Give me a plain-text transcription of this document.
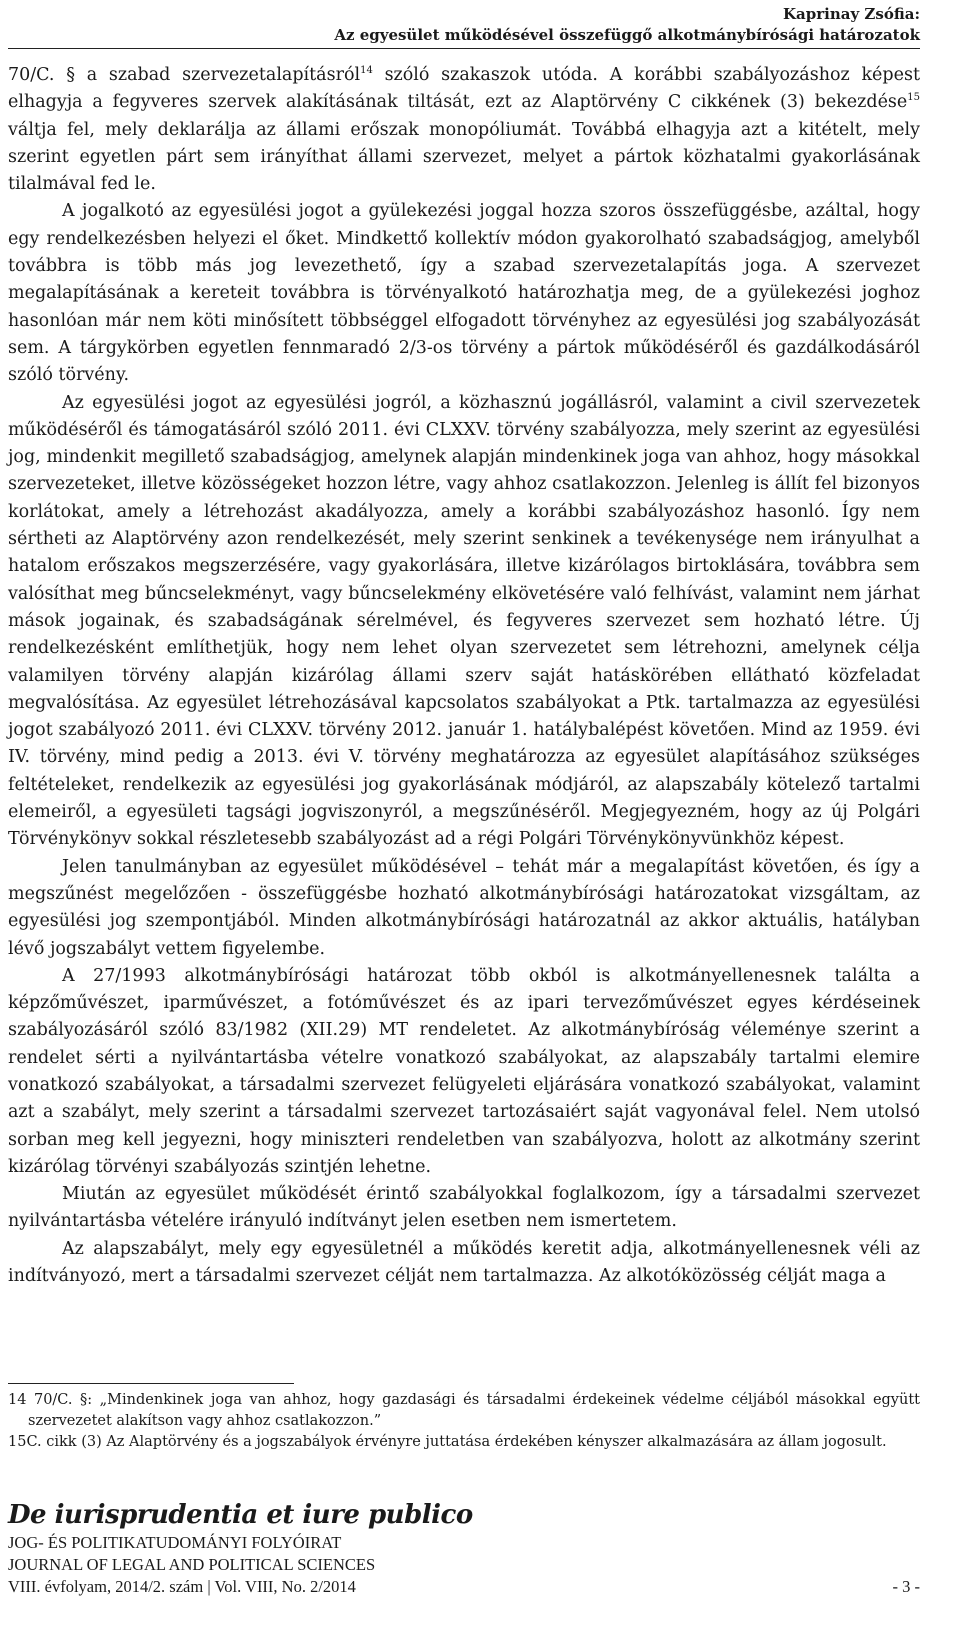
Kaprinay Zsófia:
Az egyesület működésével összefüggő alkotmánybírósági határozatok

70/C. § a szabad szervezetalapításról$^{14}$ szóló szakaszok utóda. A korábbi szabályozáshoz képest elhagyja a fegyveres szervek alakításának tiltását, ezt az Alaptörvény C cikkének (3) bekezdése$^{15}$ váltja fel, mely deklarálja az állami erőszak monopóliumát. Továbbá elhagyja azt a kitételt, mely szerint egyetlen párt sem irányíthat állami szervezet, melyet a pártok közhatalmi gyakorlásának tilalmával fed le.

A jogalkotó az egyesülési jogot a gyülekezési joggal hozza szoros összefüggésbe, azáltal, hogy egy rendelkezésben helyezi el őket. Mindkettő kollektív módon gyakorolható szabadságjog, amelyből továbbra is több más jog levezethető, így a szabad szervezetalapítás joga. A szervezet megalapításának a kereteit továbbra is törvényalkotó határozhatja meg, de a gyülekezési joghoz hasonlóan már nem köti minősített többséggel elfogadott törvényhez az egyesülési jog szabályozását sem. A tárgykörben egyetlen fennmaradó 2/3-os törvény a pártok működéséről és gazdálkodásáról szóló törvény.

Az egyesülési jogot az egyesülési jogról, a közhasznú jogállásról, valamint a civil szervezetek működéséről és támogatásáról szóló 2011. évi CLXXV. törvény szabályozza, mely szerint az egyesülési jog, mindenkit megillető szabadságjog, amelynek alapján mindenkinek joga van ahhoz, hogy másokkal szervezeteket, illetve közösségeket hozzon létre, vagy ahhoz csatlakozzon. Jelenleg is állít fel bizonyos korlátokat, amely a létrehozást akadályozza, amely a korábbi szabályozáshoz hasonló. Így nem sértheti az Alaptörvény azon rendelkezését, mely szerint senkinek a tevékenysége nem irányulhat a hatalom erőszakos megszerzésére, vagy gyakorlására, illetve kizárólagos birtoklására, továbbra sem valósíthat meg bűncselekményt, vagy bűncselekmény elkövetésére való felhívást, valamint nem járhat mások jogainak, és szabadságának sérelmével, és fegyveres szervezet sem hozható létre. Új rendelkezésként említhetjük, hogy nem lehet olyan szervezetet sem létrehozni, amelynek célja valamilyen törvény alapján kizárólag állami szerv saját hatáskörében ellátható közfeladat megvalósítása. Az egyesület létrehozásával kapcsolatos szabályokat a Ptk. tartalmazza az egyesülési jogot szabályozó 2011. évi CLXXV. törvény 2012. január 1. hatálybalépést követően. Mind az 1959. évi IV. törvény, mind pedig a 2013. évi V. törvény meghatározza az egyesület alapításához szükséges feltételeket, rendelkezik az egyesülési jog gyakorlásának módjáról, az alapszabály kötelező tartalmi elemeiről, a egyesületi tagsági jogviszonyról, a megszűnéséről. Megjegyezném, hogy az új Polgári Törvénykönyv sokkal részletesebb szabályozást ad a régi Polgári Törvénykönyvünkhöz képest.

Jelen tanulmányban az egyesület működésével – tehát már a megalapítást követően, és így a megszűnést megelőzően - összefüggésbe hozható alkotmánybírósági határozatokat vizsgáltam, az egyesülési jog szempontjából. Minden alkotmánybírósági határozatnál az akkor aktuális, hatályban lévő jogszabályt vettem figyelembe.

A 27/1993 alkotmánybírósági határozat több okból is alkotmányellenesnek találta a képzőművészet, iparművészet, a fotóművészet és az ipari tervezőművészet egyes kérdéseinek szabályozásáról szóló 83/1982 (XII.29) MT rendeletet. Az alkotmánybíróság véleménye szerint a rendelet sérti a nyilvántartásba vételre vonatkozó szabályokat, az alapszabály tartalmi elemire vonatkozó szabályokat, a társadalmi szervezet felügyeleti eljárására vonatkozó szabályokat, valamint azt a szabályt, mely szerint a társadalmi szervezet tartozásaiért saját vagyonával felel. Nem utolsó sorban meg kell jegyezni, hogy miniszteri rendeletben van szabályozva, holott az alkotmány szerint kizárólag törvényi szabályozás szintjén lehetne.

Miután az egyesület működését érintő szabályokkal foglalkozom, így a társadalmi szervezet nyilvántartásba vételére irányuló indítványt jelen esetben nem ismertetem.

Az alapszabályt, mely egy egyesületnél a működés keretit adja, alkotmányellenesnek véli az indítványozó, mert a társadalmi szervezet célját nem tartalmazza. Az alkotóközösség célját maga a

14 70/C. §: „Mindenkinek joga van ahhoz, hogy gazdasági és társadalmi érdekeinek védelme céljából másokkal együtt szervezetet alakítson vagy ahhoz csatlakozzon.”

15C. cikk (3) Az Alaptörvény és a jogszabályok érvényre juttatása érdekében kényszer alkalmazására az állam jogosult.

De iurisprudentia et iure publico
JOG- ÉS POLITIKATUDOMÁNYI FOLYÓIRAT
JOURNAL OF LEGAL AND POLITICAL SCIENCES
VIII. évfolyam, 2014/2. szám | Vol. VIII, No. 2/2014	- 3 -
